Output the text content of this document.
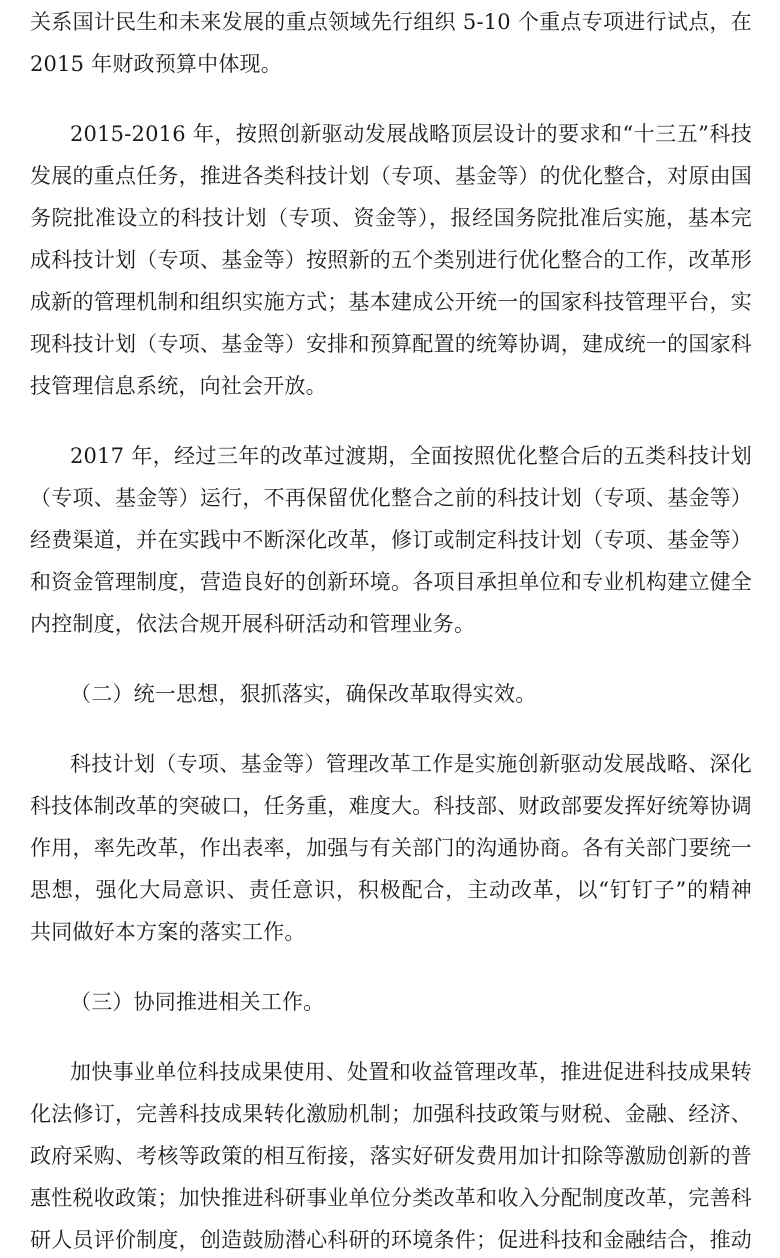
关系国计民生和未来发展的重点领域先行组织 5-10 个重点专项进行试点，在
2015 年财政预算中体现。
2015-2016 年，按照创新驱动发展战略顶层设计的要求和“十三五”科技
发展的重点任务，推进各类科技计划（专项、基金等）的优化整合，对原由国
务院批准设立的科技计划（专项、资金等），报经国务院批准后实施，基本完
成科技计划（专项、基金等）按照新的五个类别进行优化整合的工作，改革形
成新的管理机制和组织实施方式；基本建成公开统一的国家科技管理平台，实
现科技计划（专项、基金等）安排和预算配置的统筹协调，建成统一的国家科
技管理信息系统，向社会开放。
2017 年，经过三年的改革过渡期，全面按照优化整合后的五类科技计划
（专项、基金等）运行，不再保留优化整合之前的科技计划（专项、基金等）
经费渠道，并在实践中不断深化改革，修订或制定科技计划（专项、基金等）
和资金管理制度，营造良好的创新环境。各项目承担单位和专业机构建立健全
内控制度，依法合规开展科研活动和管理业务。
（二）统一思想，狠抓落实，确保改革取得实效。
科技计划（专项、基金等）管理改革工作是实施创新驱动发展战略、深化
科技体制改革的突破口，任务重，难度大。科技部、财政部要发挥好统筹协调
作用，率先改革，作出表率，加强与有关部门的沟通协商。各有关部门要统一
思想，强化大局意识、责任意识，积极配合，主动改革，以“钉钉子”的精神
共同做好本方案的落实工作。
（三）协同推进相关工作。
加快事业单位科技成果使用、处置和收益管理改革，推进促进科技成果转
化法修订，完善科技成果转化激励机制；加强科技政策与财税、金融、经济、
政府采购、考核等政策的相互衔接，落实好研发费用加计扣除等激励创新的普
惠性税收政策；加快推进科研事业单位分类改革和收入分配制度改革，完善科
研人员评价制度，创造鼓励潜心科研的环境条件；促进科技和金融结合，推动
